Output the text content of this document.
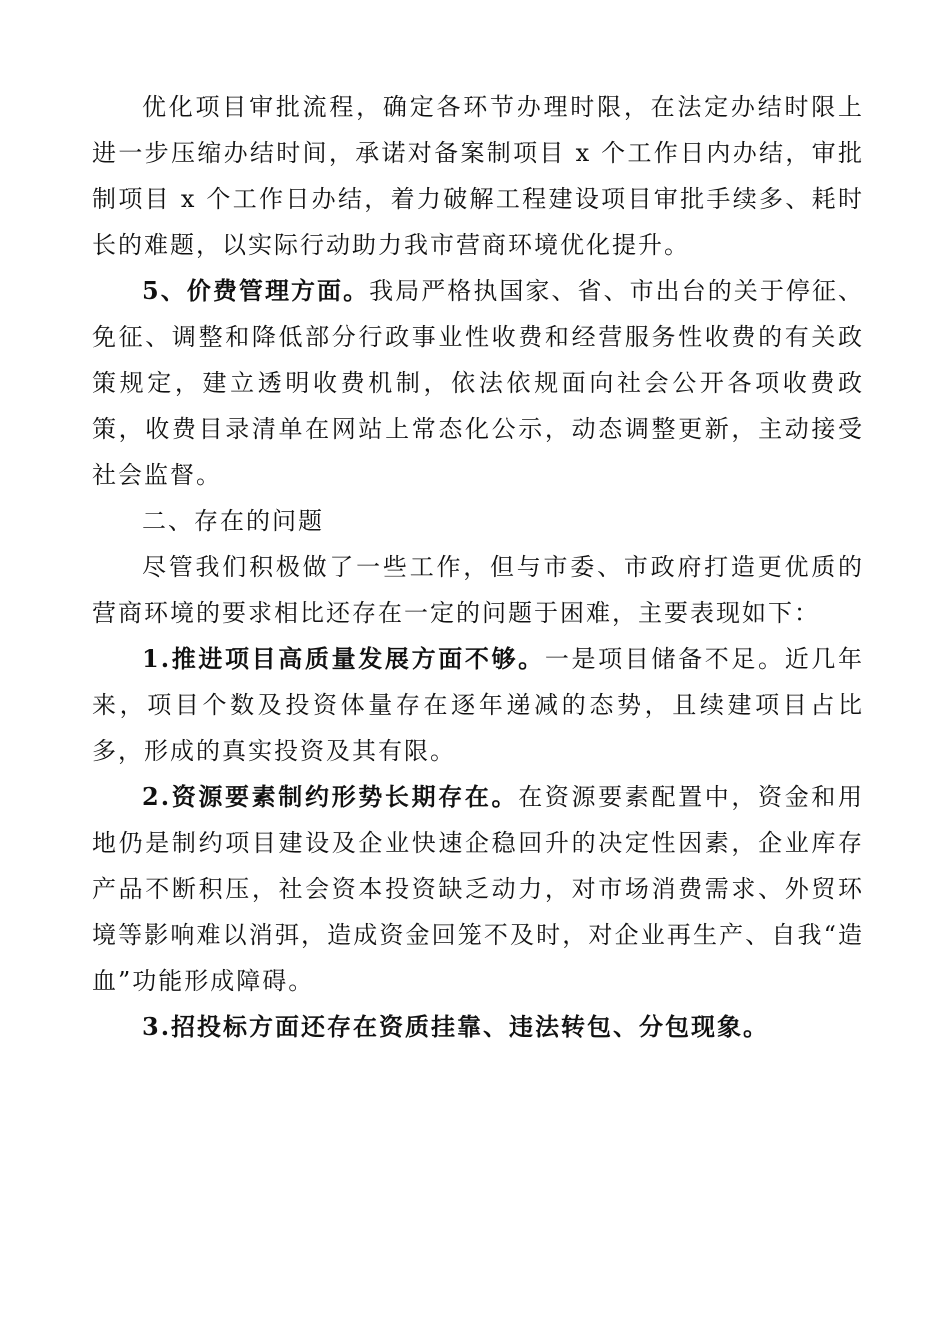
优化项目审批流程，确定各环节办理时限，在法定办结时限上进一步压缩办结时间，承诺对备案制项目 x 个工作日内办结，审批制项目 x 个工作日办结，着力破解工程建设项目审批手续多、耗时长的难题，以实际行动助力我市营商环境优化提升。

5、价费管理方面。我局严格执国家、省、市出台的关于停征、免征、调整和降低部分行政事业性收费和经营服务性收费的有关政策规定，建立透明收费机制，依法依规面向社会公开各项收费政策，收费目录清单在网站上常态化公示，动态调整更新，主动接受社会监督。

二、存在的问题

尽管我们积极做了一些工作，但与市委、市政府打造更优质的营商环境的要求相比还存在一定的问题于困难，主要表现如下：

1.推进项目高质量发展方面不够。一是项目储备不足。近几年来，项目个数及投资体量存在逐年递减的态势，且续建项目占比多，形成的真实投资及其有限。

2.资源要素制约形势长期存在。在资源要素配置中，资金和用地仍是制约项目建设及企业快速企稳回升的决定性因素，企业库存产品不断积压，社会资本投资缺乏动力，对市场消费需求、外贸环境等影响难以消弭，造成资金回笼不及时，对企业再生产、自我“造血”功能形成障碍。

3.招投标方面还存在资质挂靠、违法转包、分包现象。
